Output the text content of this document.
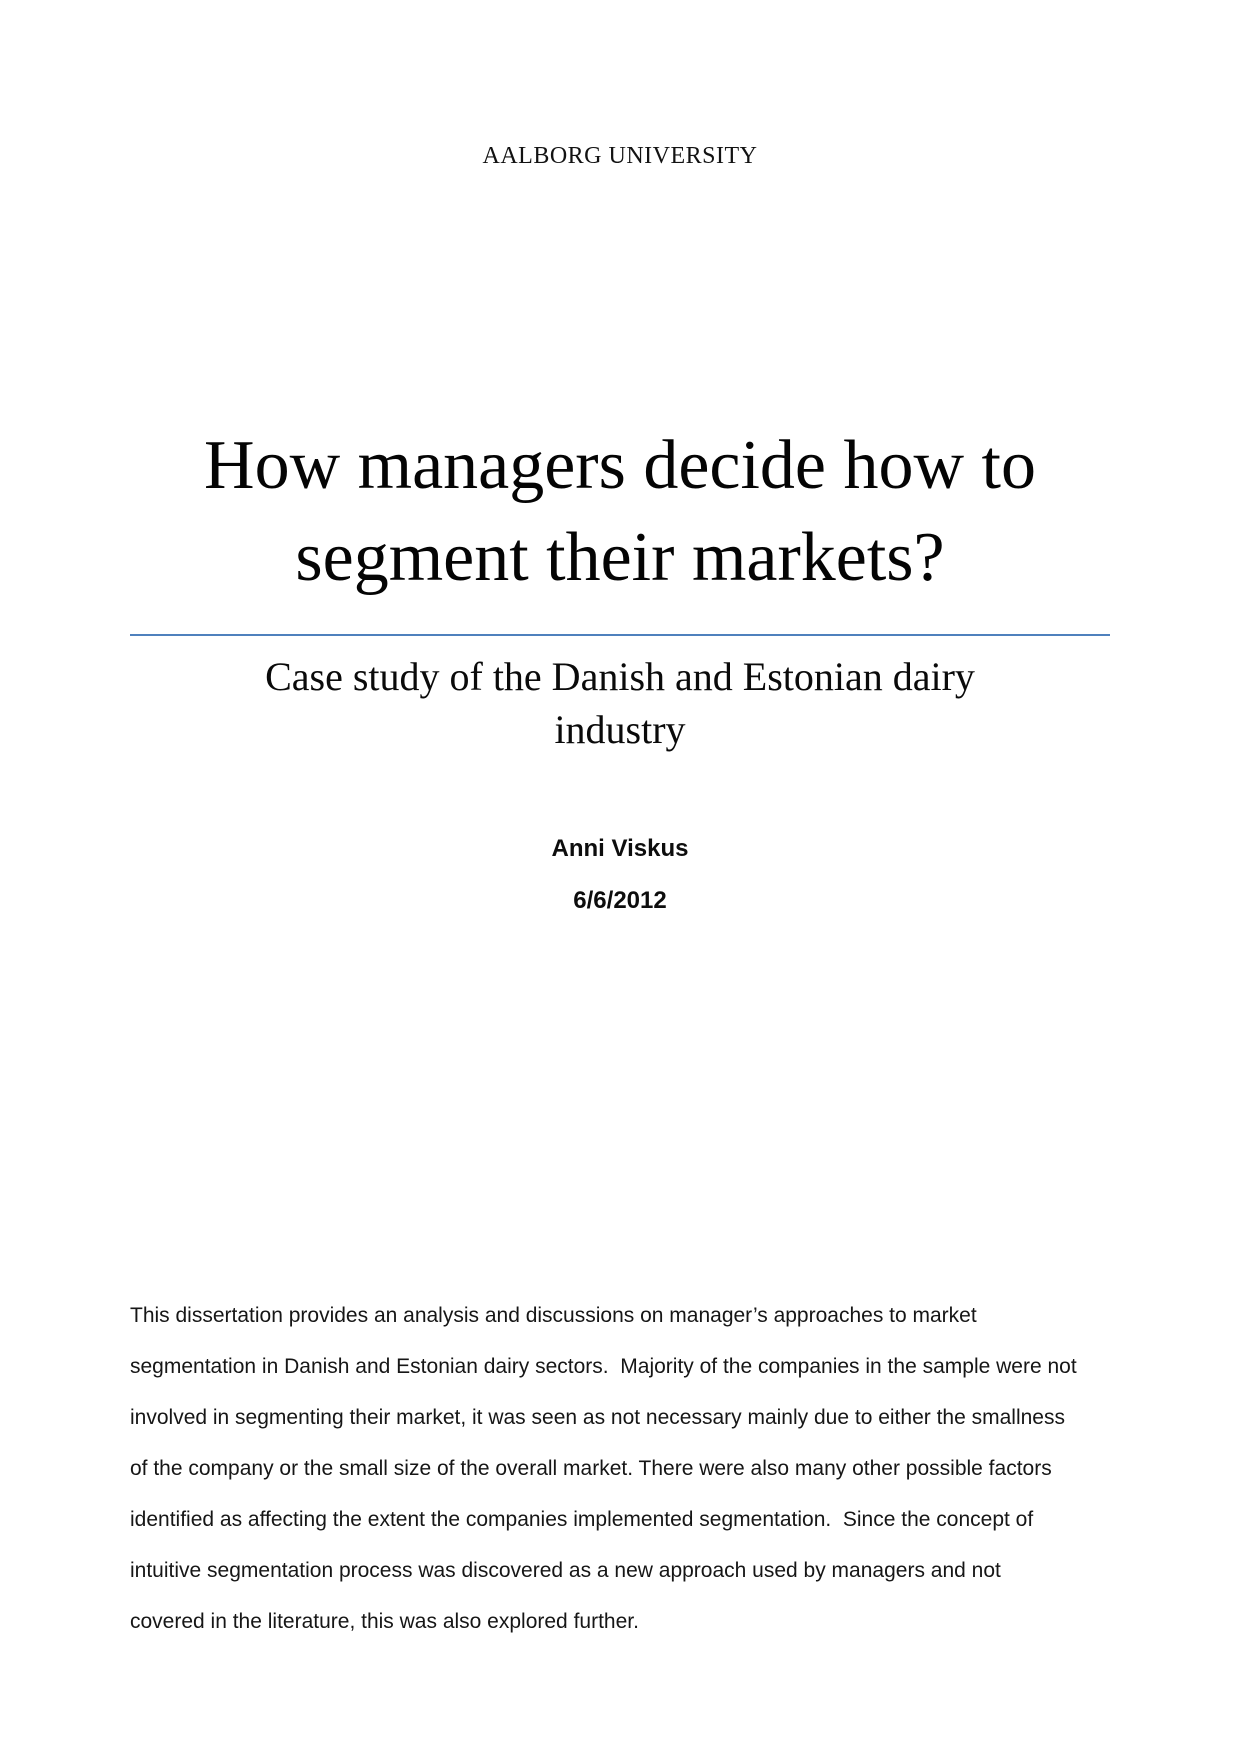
AALBORG UNIVERSITY
How managers decide how to
segment their markets?
Case study of the Danish and Estonian dairy
industry
Anni Viskus
6/6/2012

This dissertation provides an analysis and discussions on manager’s approaches to market segmentation in Danish and Estonian dairy sectors.  Majority of the companies in the sample were not involved in segmenting their market, it was seen as not necessary mainly due to either the smallness of the company or the small size of the overall market. There were also many other possible factors identified as affecting the extent the companies implemented segmentation.  Since the concept of intuitive segmentation process was discovered as a new approach used by managers and not covered in the literature, this was also explored further.
